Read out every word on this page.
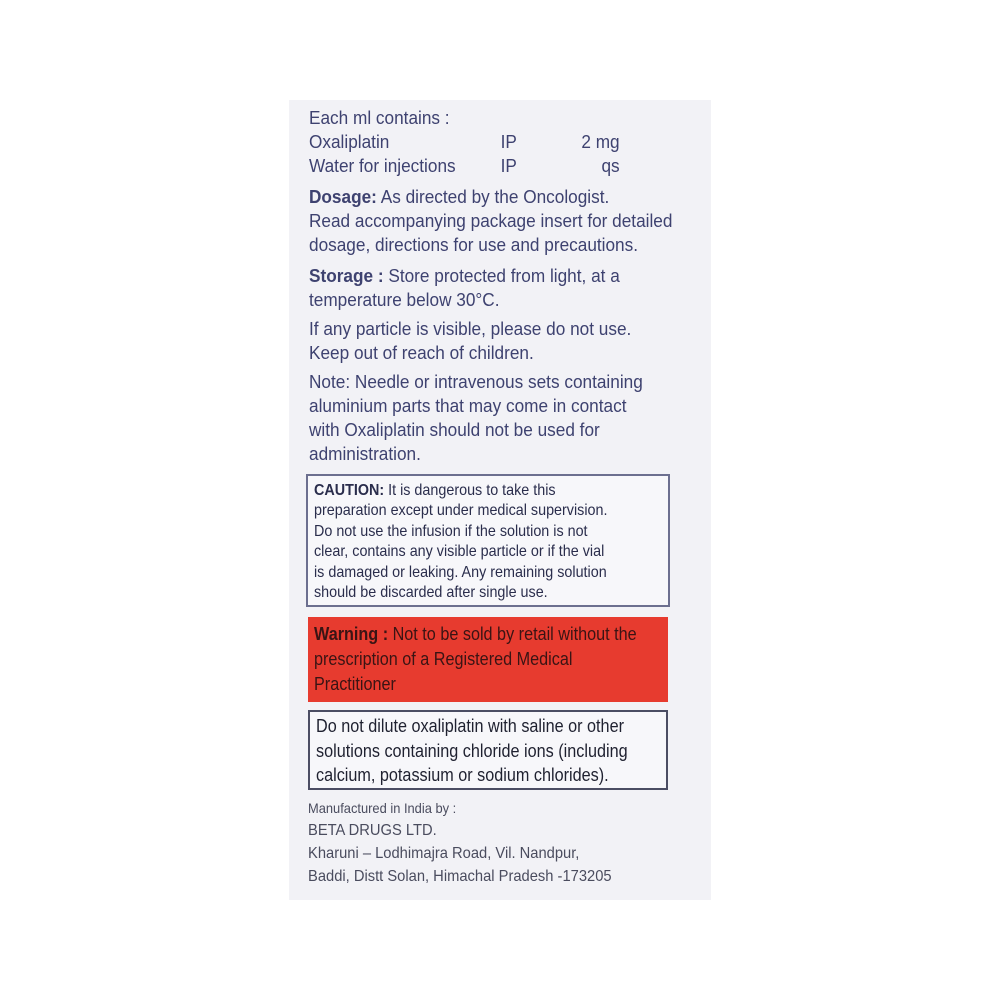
Each ml contains :

Oxaliplatin	IP	2 mg
Water for injections	IP	qs

Dosage: As directed by the Oncologist.

Read accompanying package insert for detailed

dosage, directions for use and precautions.

Storage : Store protected from light, at a

temperature below 30°C.

If any particle is visible, please do not use.

Keep out of reach of children.

Note: Needle or intravenous sets containing

aluminium parts that may come in contact

with Oxaliplatin should not be used for

administration.

CAUTION: It is dangerous to take this

preparation except under medical supervision.

Do not use the infusion if the solution is not

clear, contains any visible particle or if the vial

is damaged or leaking. Any remaining solution

should be discarded after single use.

Warning : Not to be sold by retail without the

prescription of a Registered Medical

Practitioner

Do not dilute oxaliplatin with saline or other

solutions containing chloride ions (including

calcium, potassium or sodium chlorides).

Manufactured in India by :

BETA DRUGS LTD.

Kharuni – Lodhimajra Road, Vil. Nandpur,

Baddi, Distt Solan, Himachal Pradesh -173205
